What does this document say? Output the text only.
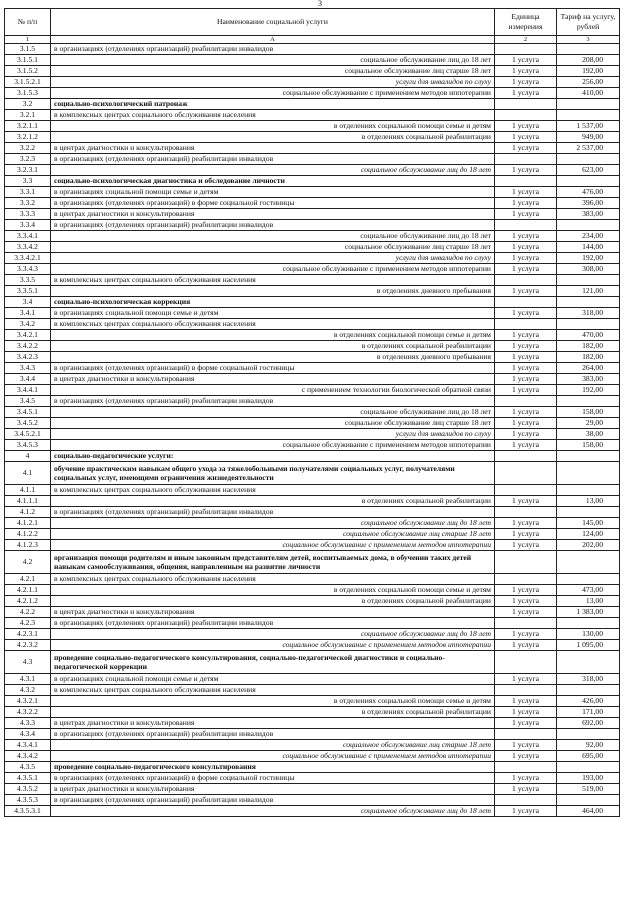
3
№ п/п	Наименование социальной услуги	Единица измерения	Тариф на услугу, рублей
1	А	2	3
3.1.5	в организациях (отделениях организаций) реабилитации инвалидов		
3.1.5.1	социальное обслуживание лиц до 18 лет	1 услуга	208,00
3.1.5.2	социальное обслуживание лиц старше 18 лет	1 услуга	192,00
3.1.5.2.1	услуги для инвалидов по слуху	1 услуга	256,00
3.1.5.3	социальное обслуживание с применением методов иппотерапии	1 услуга	410,00
3.2	социально-психологический патронаж		
3.2.1	в комплексных центрах социального обслуживания населения		
3.2.1.1	в отделениях социальной помощи семье и детям	1 услуга	1 537,00
3.2.1.2	в отделениях социальной реабилитации	1 услуга	949,00
3.2.2	в центрах диагностики и консультирования	1 услуга	2 537,00
3.2.3	в организациях (отделениях организаций) реабилитации инвалидов		
3.2.3.1	социальное обслуживание лиц до 18 лет	1 услуга	623,00
3.3	социально-психологическая диагностика и обследование личности		
3.3.1	в организациях социальной помощи семье и детям	1 услуга	476,00
3.3.2	в организациях (отделениях организаций) в форме социальной гостиницы	1 услуга	396,00
3.3.3	в центрах диагностики и консультирования	1 услуга	383,00
3.3.4	в организациях (отделениях организаций) реабилитации инвалидов		
3.3.4.1	социальное обслуживание лиц до 18 лет	1 услуга	234,00
3.3.4.2	социальное обслуживание лиц старше 18 лет	1 услуга	144,00
3.3.4.2.1	услуги для инвалидов по слуху	1 услуга	192,00
3.3.4.3	социальное обслуживание с применением методов иппотерапии	1 услуга	308,00
3.3.5	в комплексных центрах социального обслуживания населения		
3.3.5.1	в отделениях дневного пребывания	1 услуга	121,00
3.4	социально-психологическая коррекция		
3.4.1	в организациях социальной помощи семье и детям	1 услуга	318,00
3.4.2	в комплексных центрах социального обслуживания населения		
3.4.2.1	в отделениях социальной помощи семье и детям	1 услуга	470,00
3.4.2.2	в отделениях социальной реабилитации	1 услуга	182,00
3.4.2.3	в отделениях дневного пребывания	1 услуга	182,00
3.4.3	в организациях (отделениях организаций) в форме социальной гостиницы	1 услуга	264,00
3.4.4	в центрах диагностики и консультирования	1 услуга	383,00
3.4.4.1	с применением технологии биологической обратной связи	1 услуга	192,00
3.4.5	в организациях (отделениях организаций) реабилитации инвалидов		
3.4.5.1	социальное обслуживание лиц до 18 лет	1 услуга	158,00
3.4.5.2	социальное обслуживание лиц старше 18 лет	1 услуга	29,00
3.4.5.2.1	услуги для инвалидов по слуху	1 услуга	38,00
3.4.5.3	социальное обслуживание с применением методов иппотерапии	1 услуга	158,00
4	социально-педагогические услуги:		
4.1	обучение практическим навыкам общего ухода за тяжелобольными получателями социальных услуг, получателями социальных услуг, имеющими ограничения жизнедеятельности		
4.1.1	в комплексных центрах социального обслуживания населения		
4.1.1.1	в отделениях социальной реабилитации	1 услуга	13,00
4.1.2	в организациях (отделениях организаций) реабилитации инвалидов		
4.1.2.1	социальное обслуживание лиц до 18 лет	1 услуга	145,00
4.1.2.2	социальное обслуживание лиц старше 18 лет	1 услуга	124,00
4.1.2.3	социальное обслуживание с применением методов иппотерапии	1 услуга	202,00
4.2	организация помощи родителям и иным законным представителям детей, воспитываемых дома, в обучении таких детей навыкам самообслуживания, общения, направленным на развитие личности		
4.2.1	в комплексных центрах социального обслуживания населения		
4.2.1.1	в отделениях социальной помощи семье и детям	1 услуга	473,00
4.2.1.2	в отделениях социальной реабилитации	1 услуга	13,00
4.2.2	в центрах диагностики и консультирования	1 услуга	1 383,00
4.2.3	в организациях (отделениях организаций) реабилитации инвалидов		
4.2.3.1	социальное обслуживание лиц до 18 лет	1 услуга	130,00
4.2.3.2	социальное обслуживание с применением методов иппотерапии	1 услуга	1 095,00
4.3	проведение социально-педагогического консультирования, социально-педагогической диагностики и социально-педагогической коррекции		
4.3.1	в организациях социальной помощи семье и детям	1 услуга	318,00
4.3.2	в комплексных центрах социального обслуживания населения		
4.3.2.1	в отделениях социальной помощи семье и детям	1 услуга	426,00
4.3.2.2	в отделениях социальной реабилитации	1 услуга	171,00
4.3.3	в центрах диагностики и консультирования	1 услуга	692,00
4.3.4	в организациях (отделениях организаций) реабилитации инвалидов		
4.3.4.1	социальное обслуживание лиц старше 18 лет	1 услуга	92,00
4.3.4.2	социальное обслуживание с применением методов иппотерапии	1 услуга	695,00
4.3.5	проведение социально-педагогического консультирования		
4.3.5.1	в организациях (отделениях организаций) в форме социальной гостиницы	1 услуга	193,00
4.3.5.2	в центрах диагностики и консультирования	1 услуга	519,00
4.3.5.3	в организациях (отделениях организаций) реабилитации инвалидов		
4.3.5.3.1	социальное обслуживание лиц до 18 лет	1 услуга	464,00
